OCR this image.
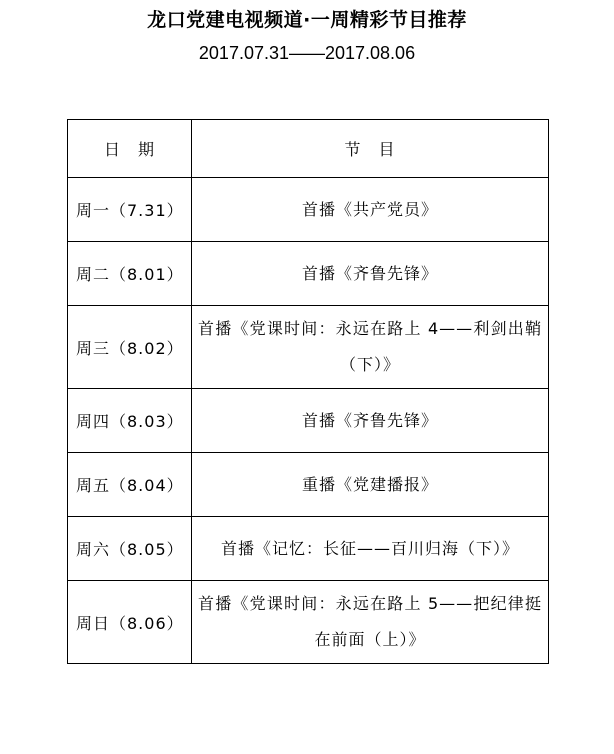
龙口党建电视频道·一周精彩节目推荐
2017.07.31——2017.08.06
日　期	节　目
周一（7.31）	首播《共产党员》
周二（8.01）	首播《齐鲁先锋》
周三（8.02）	首播《党课时间：永远在路上 4——利剑出鞘（下）》
周四（8.03）	首播《齐鲁先锋》
周五（8.04）	重播《党建播报》
周六（8.05）	首播《记忆：长征——百川归海（下）》
周日（8.06）	首播《党课时间：永远在路上 5——把纪律挺在前面（上）》
